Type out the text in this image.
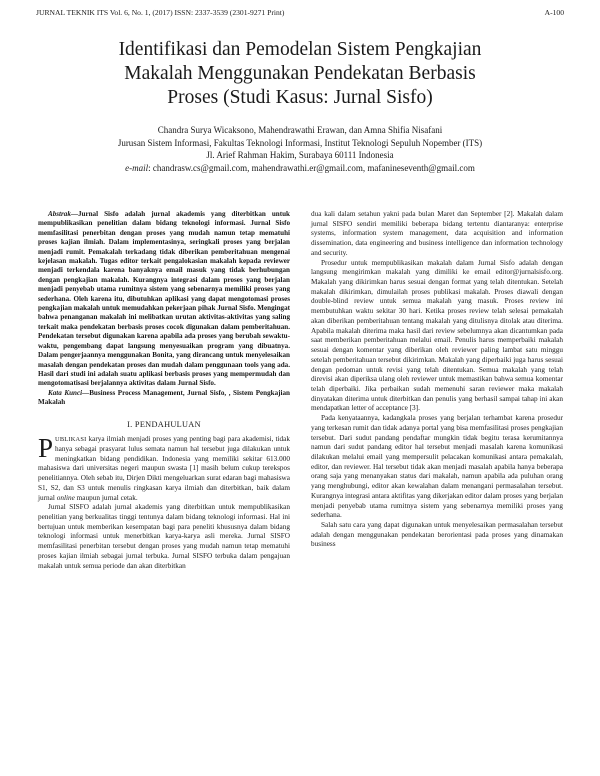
JURNAL TEKNIK ITS Vol. 6, No. 1, (2017) ISSN: 2337-3539 (2301-9271 Print)	A-100
Identifikasi dan Pemodelan Sistem Pengkajian
Makalah Menggunakan Pendekatan Berbasis
Proses (Studi Kasus: Jurnal Sisfo)
Chandra Surya Wicaksono, Mahendrawathi Erawan, dan Amna Shifia Nisafani
Jurusan Sistem Informasi, Fakultas Teknologi Informasi, Institut Teknologi Sepuluh Nopember (ITS)
Jl. Arief Rahman Hakim, Surabaya 60111 Indonesia
e-mail: chandrasw.cs@gmail.com, mahendrawathi.er@gmail.com, mafanineseventh@gmail.com

Abstrak—Jurnal Sisfo adalah jurnal akademis yang diterbitkan untuk mempublikasikan penelitian dalam bidang teknologi informasi. Jurnal Sisfo memfasilitasi penerbitan dengan proses yang mudah namun tetap mematuhi proses kajian ilmiah. Dalam implementasinya, seringkali proses yang berjalan menjadi rumit. Pemakalah terkadang tidak diberikan pemberitahuan mengenai kejelasan makalah. Tugas editor terkait pengalokasian makalah kepada reviewer menjadi terkendala karena banyaknya email masuk yang tidak berhubungan dengan pengkajian makalah. Kurangnya integrasi dalam proses yang berjalan menjadi penyebab utama rumitnya sistem yang sebenarnya memiliki proses yang sederhana. Oleh karena itu, dibutuhkan aplikasi yang dapat mengotomasi proses pengkajian makalah untuk memudahkan pekerjaan pihak Jurnal Sisfo. Mengingat bahwa penanganan makalah ini melibatkan urutan aktivitas-aktivitas yang saling terkait maka pendekatan berbasis proses cocok digunakan dalam pemberitahuan. Pendekatan tersebut digunakan karena apabila ada proses yang berubah sewaktu-waktu, pengembang dapat langsung menyesuaikan program yang dibuatnya. Dalam pengerjaannya menggunakan Bonita, yang dirancang untuk menyelesaikan masalah dengan pendekatan proses dan mudah dalam penggunaan tools yang ada. Hasil dari studi ini adalah suatu aplikasi berbasis proses yang mempermudah dan mengotomatisasi berjalannya aktivitas dalam Jurnal Sisfo.

Kata Kunci—Business Process Management, Jurnal Sisfo, , Sistem Pengkajian Makalah

I. PENDAHULUAN

PUBLIKASI karya ilmiah menjadi proses yang penting bagi para akademisi, tidak hanya sebagai prasyarat lulus semata namun hal tersebut juga dilakukan untuk meningkatkan bidang pendidikan. Indonesia yang memiliki sekitar 613.000 mahasiswa dari universitas negeri maupun swasta [1] masih belum cukup terekspos penelitiannya. Oleh sebab itu, Dirjen Dikti mengeluarkan surat edaran bagi mahasiswa S1, S2, dan S3 untuk menulis ringkasan karya ilmiah dan diterbitkan, baik dalam jurnal online maupun jurnal cetak.

Jurnal SISFO adalah jurnal akademis yang diterbitkan untuk mempublikasikan penelitian yang berkualitas tinggi tentunya dalam bidang teknologi informasi. Hal ini bertujuan untuk memberikan kesempatan bagi para peneliti khususnya dalam bidang teknologi informasi untuk menerbitkan karya-karya asli mereka. Jurnal SISFO memfasilitasi penerbitan tersebut dengan proses yang mudah namun tetap mematuhi proses kajian ilmiah sebagai jurnal terbuka. Jurnal SISFO terbuka dalam pengajuan makalah untuk semua periode dan akan diterbitkan

dua kali dalam setahun yakni pada bulan Maret dan September [2]. Makalah dalam jurnal SISFO sendiri memiliki beberapa bidang tertentu diantaranya: enterprise systems, information system management, data acquisition and information dissemination, data engineering and business intelligence dan information technology and security.

Prosedur untuk mempublikasikan makalah dalam Jurnal Sisfo adalah dengan langsung mengirimkan makalah yang dimiliki ke email editor@jurnalsisfo.org. Makalah yang dikirimkan harus sesuai dengan format yang telah ditentukan. Setelah makalah dikirimkan, dimulailah proses publikasi makalah. Proses diawali dengan double-blind review untuk semua makalah yang masuk. Proses review ini membutuhkan waktu sekitar 30 hari. Ketika proses review telah selesai pemakalah akan diberikan pemberitahuan tentang makalah yang ditulisnya ditolak atau diterima. Apabila makalah diterima maka hasil dari review sebelumnya akan dicantumkan pada saat memberikan pemberitahuan melalui email. Penulis harus memperbaiki makalah sesuai dengan komentar yang diberikan oleh reviewer paling lambat satu minggu setelah pemberitahuan tersebut dikirimkan. Makalah yang diperbaiki juga harus sesuai dengan pedoman untuk revisi yang telah ditentukan. Semua makalah yang telah direvisi akan diperiksa ulang oleh reviewer untuk memastikan bahwa semua komentar telah diperbaiki. Jika perbaikan sudah memenuhi saran reviewer maka makalah dinyatakan diterima untuk diterbitkan dan penulis yang berhasil sampai tahap ini akan mendapatkan letter of acceptance [3].

Pada kenyataannya, kadangkala proses yang berjalan terhambat karena prosedur yang terkesan rumit dan tidak adanya portal yang bisa memfasilitasi proses pengkajian tersebut. Dari sudut pandang pendaftar mungkin tidak begitu terasa kerumitannya namun dari sudut pandang editor hal tersebut menjadi masalah karena komunikasi dilakukan melalui email yang mempersulit pelacakan komunikasi antara pemakalah, editor, dan reviewer. Hal tersebut tidak akan menjadi masalah apabila hanya beberapa orang saja yang menanyakan status dari makalah, namun apabila ada puluhan orang yang menghubungi, editor akan kewalahan dalam menangani permasalahan tersebut. Kurangnya integrasi antara aktifitas yang dikerjakan editor dalam proses yang berjalan menjadi penyebab utama rumitnya sistem yang sebenarnya memiliki proses yang sederhana.

Salah satu cara yang dapat digunakan untuk menyelesaikan permasalahan tersebut adalah dengan menggunakan pendekatan berorientasi pada proses yang dinamakan business
